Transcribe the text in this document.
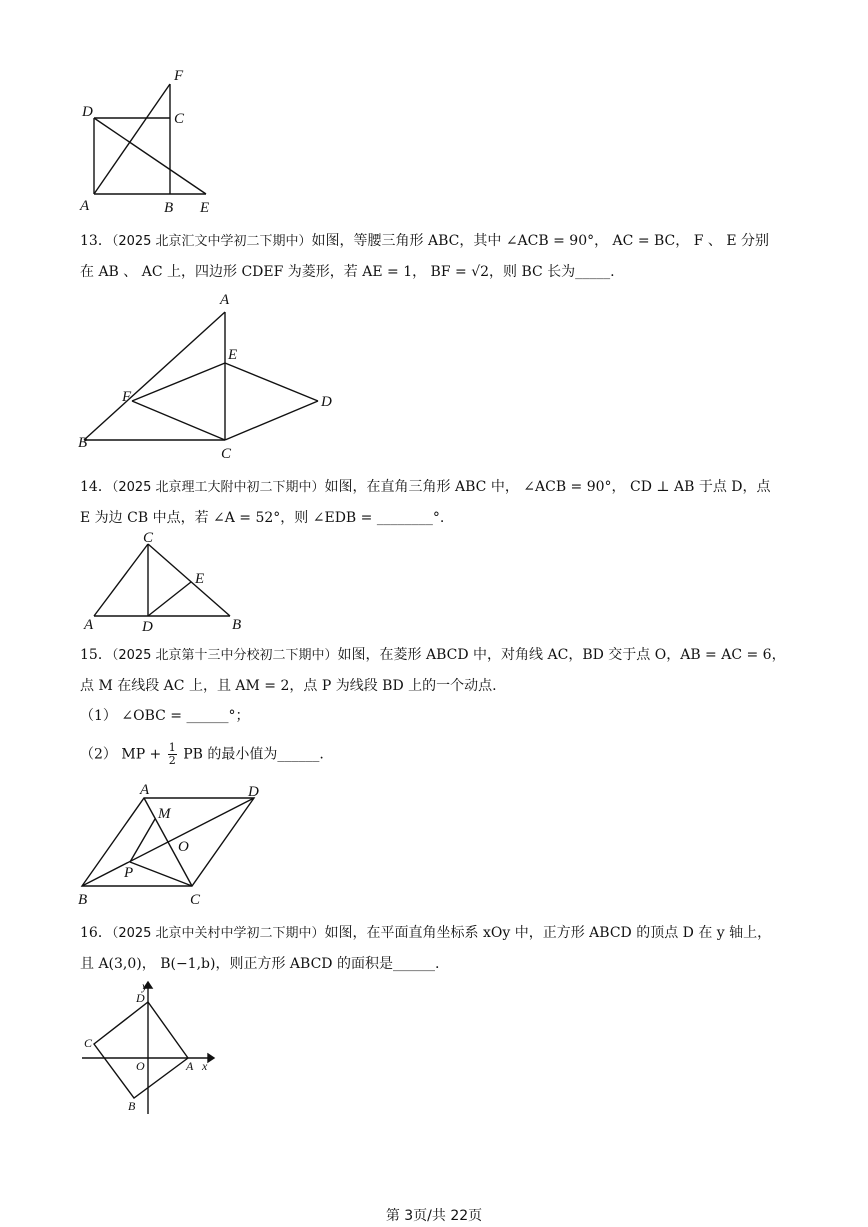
F
D	C
A	B E
13．（2025 北京汇文中学初二下期中）如图，等腰三角形 ABC，其中 ∠ACB = 90°， AC = BC， F 、 E 分别
在 AB 、 AC 上，四边形 CDEF 为菱形，若 AE = 1， BF = √2，则 BC 长为_____.
A
E
F	D
B
C
14．（2025 北京理工大附中初二下期中）如图，在直角三角形 ABC 中， ∠ACB = 90°， CD ⊥ AB 于点 D，点
E 为边 CB 中点，若 ∠A = 52°，则 ∠EDB = ________°.
C
E
A	D	B
15．（2025 北京第十三中分校初二下期中）如图，在菱形 ABCD 中，对角线 AC，BD 交于点 O，AB = AC = 6，
点 M 在线段 AC 上，且 AM = 2，点 P 为线段 BD 上的一个动点.
（1） ∠OBC = ______°；
（2） MP + $\frac{1}{2}$ PB 的最小值为______.
A	D
M
O
P
B	C
16．（2025 北京中关村中学初二下期中）如图，在平面直角坐标系 xOy 中，正方形 ABCD 的顶点 D 在 y 轴上，
且 A(3,0)， B(−1,b)，则正方形 ABCD 的面积是______.
y
D
C
O	A x
B
第 3页/共 22页
